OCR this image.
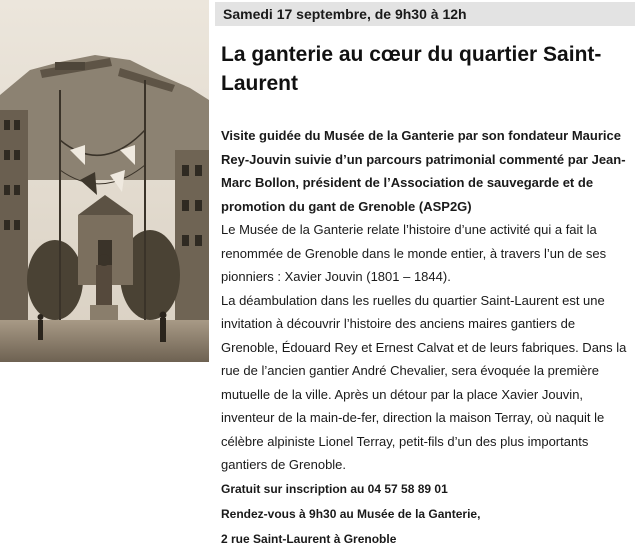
Samedi 17 septembre, de 9h30 à 12h
La ganterie au cœur du quartier Saint-Laurent
Visite guidée du Musée de la Ganterie par son fondateur Maurice Rey-Jouvin suivie d’un parcours patrimonial commenté par Jean-Marc Bollon, président de l’Association de sauvegarde et de promotion du gant de Grenoble (ASP2G)
Le Musée de la Ganterie relate l’histoire d’une activité qui a fait la renommée de Grenoble dans le monde entier, à travers l’un de ses pionniers : Xavier Jouvin (1801 – 1844).
La déambulation dans les ruelles du quartier Saint-Laurent est une invitation à découvrir l’histoire des anciens maires gantiers de Grenoble, Édouard Rey et Ernest Calvat et de leurs fabriques. Dans la rue de l’ancien gantier André Chevalier, sera évoquée la première mutuelle de la ville. Après un détour par la place Xavier Jouvin, inventeur de la main-de-fer, direction la maison Terray, où naquit le célèbre alpiniste Lionel Terray, petit-fils d’un des plus importants gantiers de Grenoble.
Gratuit sur inscription au 04 57 58 89 01
Rendez-vous à 9h30 au Musée de la Ganterie,
2 rue Saint-Laurent à Grenoble
